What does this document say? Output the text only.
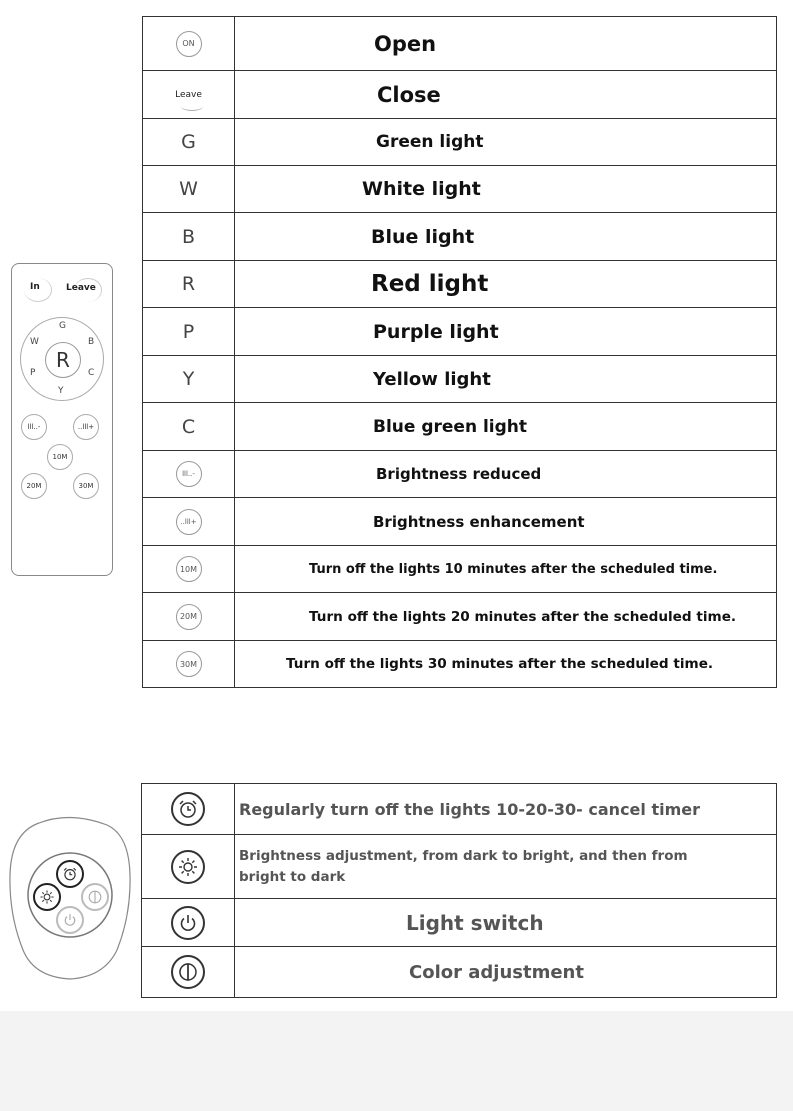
ON	Open
Leave	Close
G	Green light
W	White light
B	Blue light
R	Red light
P	Purple light
Y	Yellow light
C	Blue green light
lll..-	Brightness reduced
..lll+	Brightness enhancement
10M	Turn off the lights 10 minutes after the scheduled time.
20M	Turn off the lights 20 minutes after the scheduled time.
30M	Turn off the lights 30 minutes after the scheduled time.
In	Leave
R
G
W	B
P	C
Y
lll..-	..lll+
10M
20M	30M
Regularly turn off the lights 10-20-30- cancel timer
Brightness adjustment, from dark to bright, and then from bright to dark
Light switch
Color adjustment
